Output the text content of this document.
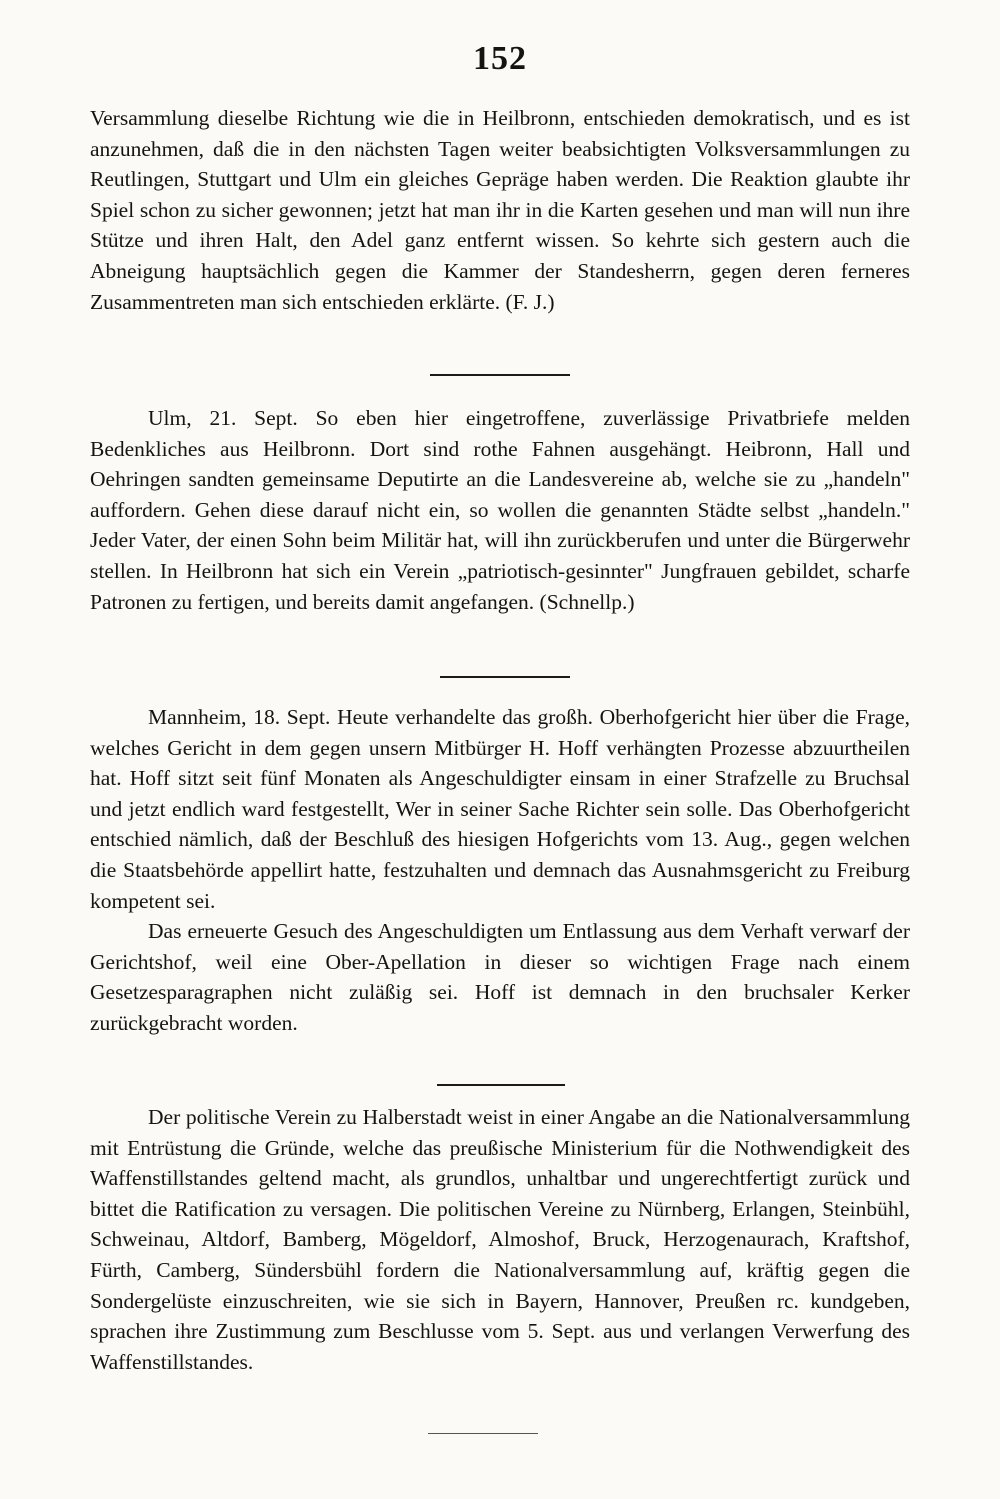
152

Versammlung dieselbe Richtung wie die in Heilbronn, entschieden demokratisch, und es ist anzunehmen, daß die in den nächsten Tagen weiter beabsichtigten Volksversammlungen zu Reutlingen, Stuttgart und Ulm ein gleiches Gepräge haben werden. Die Reaktion glaubte ihr Spiel schon zu sicher gewonnen; jetzt hat man ihr in die Karten gesehen und man will nun ihre Stütze und ihren Halt, den Adel ganz entfernt wissen. So kehrte sich gestern auch die Abneigung hauptsächlich gegen die Kammer der Standesherrn, gegen deren ferneres Zusammentreten man sich entschieden erklärte. (F. J.)

Ulm, 21. Sept. So eben hier eingetroffene, zuverlässige Privatbriefe melden Bedenkliches aus Heilbronn. Dort sind rothe Fahnen ausgehängt. Heibronn, Hall und Oehringen sandten gemeinsame Deputirte an die Landesvereine ab, welche sie zu „handeln" auffordern. Gehen diese darauf nicht ein, so wollen die genannten Städte selbst „handeln." Jeder Vater, der einen Sohn beim Militär hat, will ihn zurückberufen und unter die Bürgerwehr stellen. In Heilbronn hat sich ein Verein „patriotisch-gesinnter" Jungfrauen gebildet, scharfe Patronen zu fertigen, und bereits damit angefangen. (Schnellp.)

Mannheim, 18. Sept. Heute verhandelte das großh. Oberhofgericht hier über die Frage, welches Gericht in dem gegen unsern Mitbürger H. Hoff verhängten Prozesse abzuurtheilen hat. Hoff sitzt seit fünf Monaten als Angeschuldigter einsam in einer Strafzelle zu Bruchsal und jetzt endlich ward festgestellt, Wer in seiner Sache Richter sein solle. Das Oberhofgericht entschied nämlich, daß der Beschluß des hiesigen Hofgerichts vom 13. Aug., gegen welchen die Staatsbehörde appellirt hatte, festzuhalten und demnach das Ausnahmsgericht zu Freiburg kompetent sei.

Das erneuerte Gesuch des Angeschuldigten um Entlassung aus dem Verhaft verwarf der Gerichtshof, weil eine Ober-Apellation in dieser so wichtigen Frage nach einem Gesetzesparagraphen nicht zuläßig sei. Hoff ist demnach in den bruchsaler Kerker zurückgebracht worden.

Der politische Verein zu Halberstadt weist in einer Angabe an die Nationalversammlung mit Entrüstung die Gründe, welche das preußische Ministerium für die Nothwendigkeit des Waffenstillstandes geltend macht, als grundlos, unhaltbar und ungerechtfertigt zurück und bittet die Ratification zu versagen. Die politischen Vereine zu Nürnberg, Erlangen, Steinbühl, Schweinau, Altdorf, Bamberg, Mögeldorf, Almoshof, Bruck, Herzogenaurach, Kraftshof, Fürth, Camberg, Sündersbühl fordern die Nationalversammlung auf, kräftig gegen die Sondergelüste einzuschreiten, wie sie sich in Bayern, Hannover, Preußen rc. kundgeben, sprachen ihre Zustimmung zum Beschlusse vom 5. Sept. aus und verlangen Verwerfung des Waffenstillstandes.
